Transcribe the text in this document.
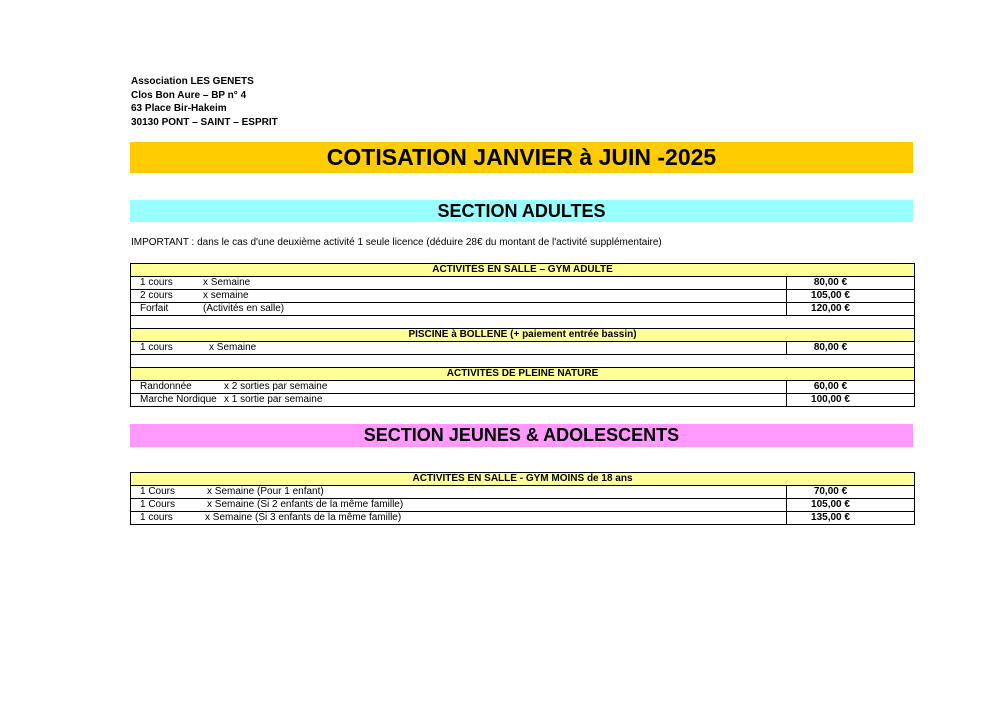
Association LES GENETS
Clos Bon Aure – BP n° 4
63 Place Bir-Hakeim
30130 PONT – SAINT – ESPRIT
COTISATION JANVIER à JUIN -2025
SECTION ADULTES
IMPORTANT : dans le cas d'une deuxième activité 1 seule licence (déduire 28€ du montant de l'activité supplémentaire)
ACTIVITÉS EN SALLE – GYM ADULTE	
1 cours x Semaine	80,00 €
2 cours x semaine	105,00 €
Forfait (Activités en salle)	120,00 €

PISCINE à BOLLENE (+ paiement entrée bassin)	
1 cours x Semaine	80,00 €

ACTIVITÉS DE PLEINE NATURE	
Randonnée x 2 sorties par semaine	60,00 €
Marche Nordique x 1 sortie par semaine	100,00 €
SECTION JEUNES & ADOLESCENTS
ACTIVITÉS EN SALLE - GYM MOINS de 18 ans	
1 Cours x Semaine (Pour 1 enfant)	70,00 €
1 Cours x Semaine (Si 2 enfants de la même famille)	105,00 €
1 cours x Semaine (Si 3 enfants de la même famille)	135,00 €
